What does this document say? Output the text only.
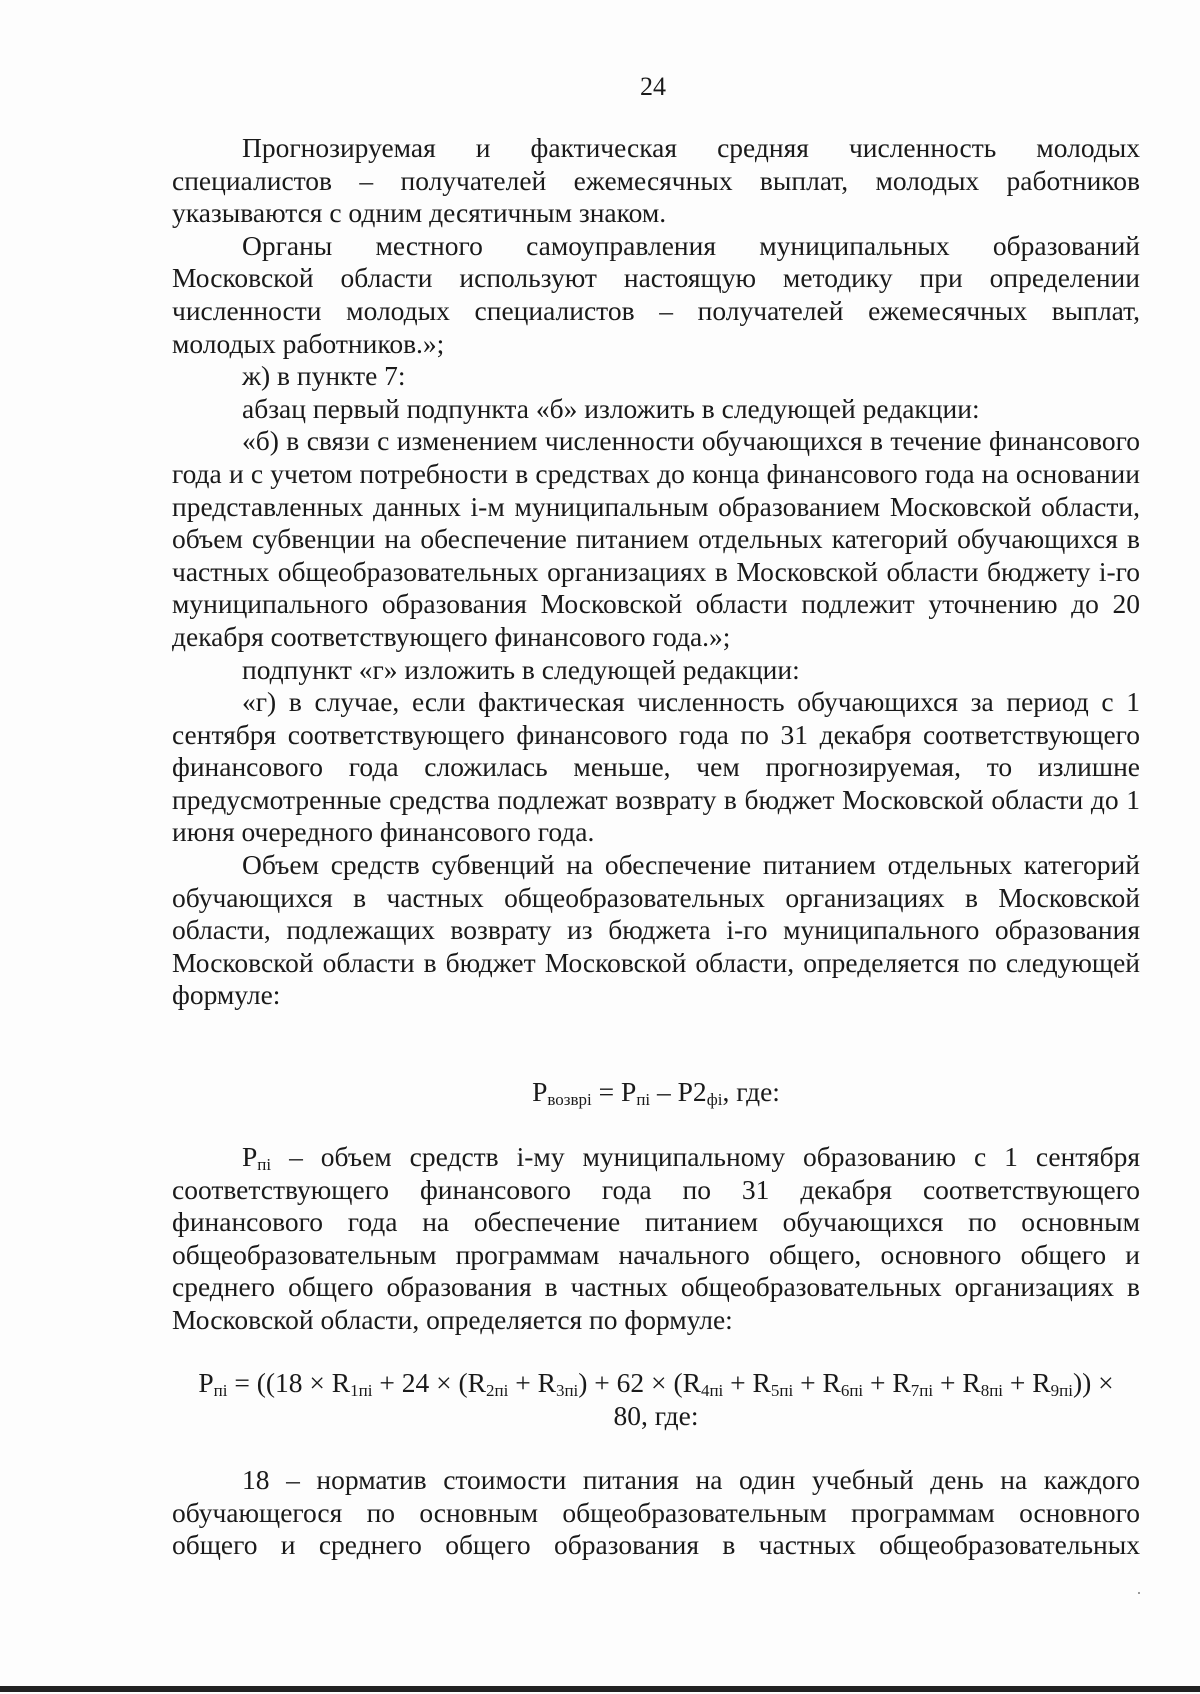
24

Прогнозируемая и фактическая средняя численность молодых специалистов – получателей ежемесячных выплат, молодых работников указываются с одним десятичным знаком.

Органы местного самоуправления муниципальных образований Московской области используют настоящую методику при определении численности молодых специалистов – получателей ежемесячных выплат, молодых работников.»;

ж) в пункте 7:

абзац первый подпункта «б» изложить в следующей редакции:

«б) в связи с изменением численности обучающихся в течение финансового года и с учетом потребности в средствах до конца финансового года на основании представленных данных i-м муниципальным образованием Московской области, объем субвенции на обеспечение питанием отдельных категорий обучающихся в частных общеобразовательных организациях в Московской области бюджету i-го муниципального образования Московской области подлежит уточнению до 20 декабря соответствующего финансового года.»;

подпункт «г» изложить в следующей редакции:

«г) в случае, если фактическая численность обучающихся за период с 1 сентября соответствующего финансового года по 31 декабря соответствующего финансового года сложилась меньше, чем прогнозируемая, то излишне предусмотренные средства подлежат возврату в бюджет Московской области до 1 июня очередного финансового года.

Объем средств субвенций на обеспечение питанием отдельных категорий обучающихся в частных общеобразовательных организациях в Московской области, подлежащих возврату из бюджета i-го муниципального образования Московской области в бюджет Московской области, определяется по следующей формуле:

$P_{возврi} = P_{пi} - P2_{фi}$, где:

$P_{пi}$ – объем средств i-му муниципальному образованию с 1 сентября соответствующего финансового года по 31 декабря соответствующего финансового года на обеспечение питанием обучающихся по основным общеобразовательным программам начального общего, основного общего и среднего общего образования в частных общеобразовательных организациях в Московской области, определяется по формуле:

$P_{пi} = ((18 \times R_{1пi} + 24 \times (R_{2пi} + R_{3пi}) + 62 \times (R_{4пi} + R_{5пi} + R_{6пi} + R_{7пi} + R_{8пi} + R_{9пi}))$ ×
80, где:

18 – норматив стоимости питания на один учебный день на каждого обучающегося по основным общеобразовательным программам основного общего и среднего общего образования в частных общеобразовательных
